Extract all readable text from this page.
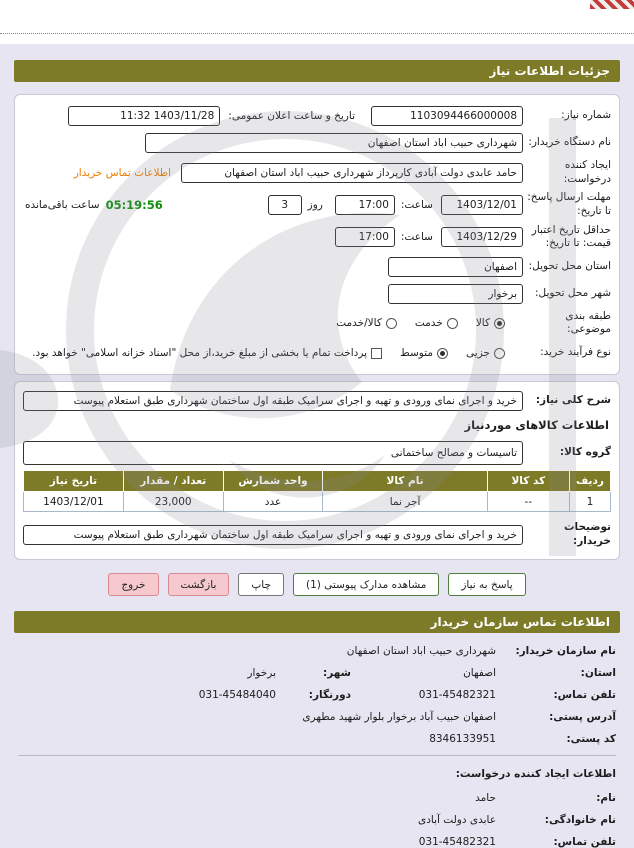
جزئیات اطلاعات نیاز
شماره نیاز:
1103094466000008
تاریخ و ساعت اعلان عمومی:
1403/11/28 11:32
نام دستگاه خریدار:
شهرداری حبیب اباد استان اصفهان
ایجاد کننده درخواست:
حامد عابدی دولت آبادی کارپرداز شهرداری حبیب اباد استان اصفهان
اطلاعات تماس خریدار
مهلت ارسال پاسخ: تا تاریخ:
1403/12/01
ساعت:
17:00
روز
3
05:19:56
ساعت باقی‌مانده
حداقل تاریخ اعتبار قیمت: تا تاریخ:
1403/12/29
ساعت:
17:00
استان محل تحویل:
اصفهان
شهر محل تحویل:
برخوار
طبقه بندی موضوعی:
کالا
خدمت
کالا/خدمت
نوع فرآیند خرید:
جزیی
متوسط
پرداخت تمام یا بخشی از مبلغ خرید،از محل "اسناد خزانه اسلامی" خواهد بود.
شرح کلی نیاز:
خرید و اجرای نمای ورودی و تهیه و اجرای سرامیک طبقه اول ساختمان شهرداری طبق استعلام پیوست
اطلاعات کالاهای موردنیاز
گروه کالا:
تاسیسات و مصالح ساختمانی
ردیف	کد کالا	نام کالا	واحد شمارش	تعداد / مقدار	تاریخ نیاز
1	--	آجر نما	عدد	23,000	1403/12/01
توضیحات خریدار:
خرید و اجرای نمای ورودی و تهیه و اجرای سرامیک طبقه اول ساختمان شهرداری طبق استعلام پیوست
پاسخ به نیاز
مشاهده مدارک پیوستی (1)
چاپ
بازگشت
خروج
اطلاعات تماس سازمان خریدار
نام سازمان خریدار:
شهرداری حبیب اباد استان اصفهان
استان:
اصفهان
شهر:
برخوار
تلفن تماس:
031-45482321
دورنگار:
031-45484040
آدرس پستی:
اصفهان حبیب آباد برخوار بلوار شهید مطهری
کد پستی:
8346133951
اطلاعات ایجاد کننده درخواست:
نام:
حامد
نام خانوادگی:
عابدی دولت آبادی
تلفن تماس:
031-45482321
